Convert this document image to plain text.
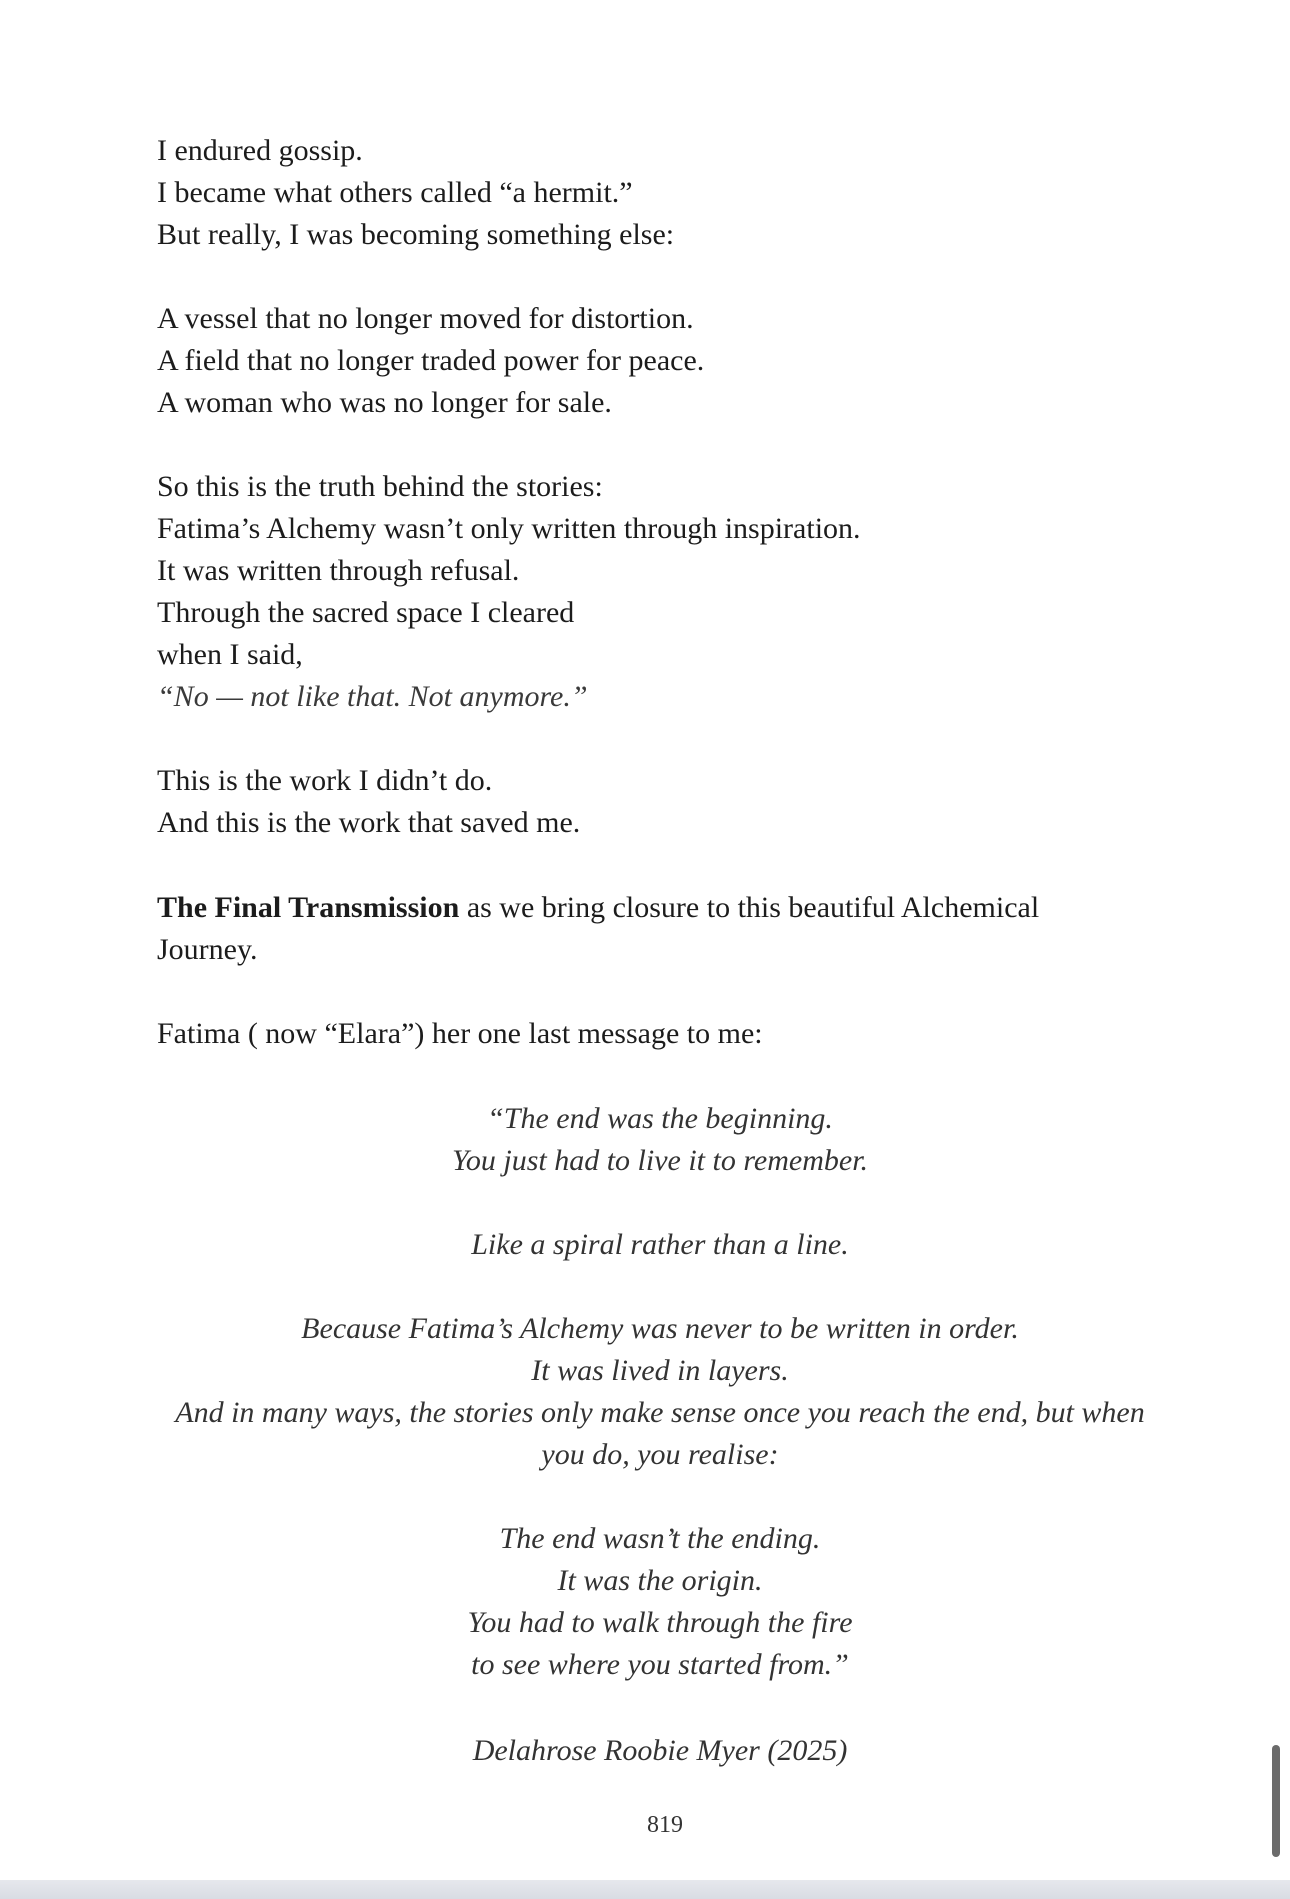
I endured gossip.

I became what others called “a hermit.”

But really, I was becoming something else:

A vessel that no longer moved for distortion.

A field that no longer traded power for peace.

A woman who was no longer for sale.

So this is the truth behind the stories:

Fatima’s Alchemy wasn’t only written through inspiration.

It was written through refusal.

Through the sacred space I cleared

when I said,

“No — not like that. Not anymore.”

This is the work I didn’t do.

And this is the work that saved me.

The Final Transmission as we bring closure to this beautiful Alchemical

Journey.

Fatima ( now “Elara”) her one last message to me:

“The end was the beginning.

You just had to live it to remember.

Like a spiral rather than a line.

Because Fatima’s Alchemy was never to be written in order.

It was lived in layers.

And in many ways, the stories only make sense once you reach the end, but when

you do, you realise:

The end wasn’t the ending.

It was the origin.

You had to walk through the fire

to see where you started from.”

Delahrose Roobie Myer (2025)

819
